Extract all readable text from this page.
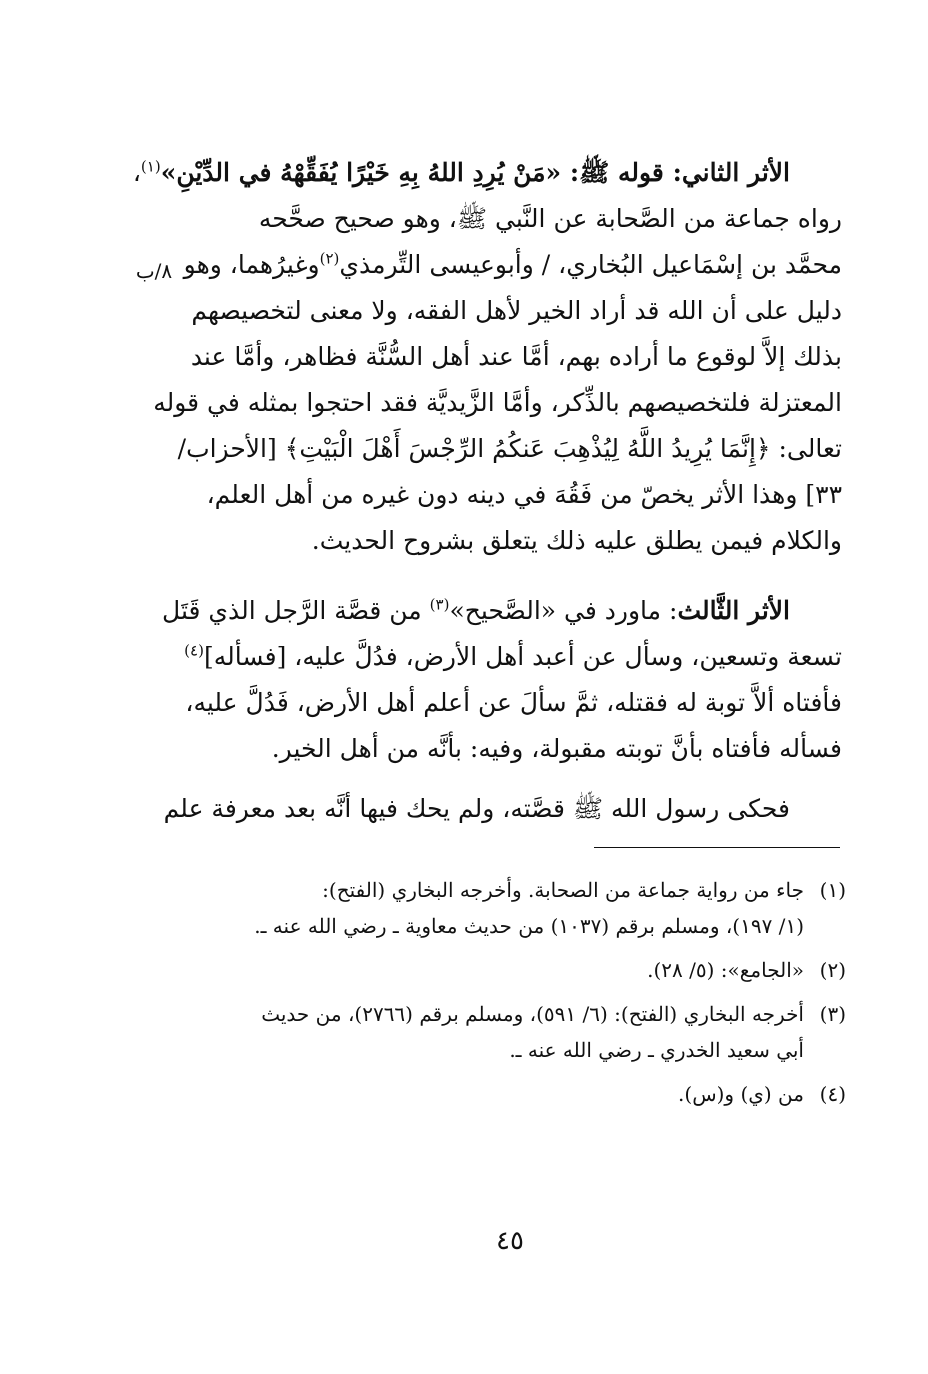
الأثر الثاني: قوله ﷺ: «مَنْ يُرِدِ اللهُ بِهِ خَيْرًا يُفَقِّهْهُ في الدِّيْنِ»$^{(١)}$،
رواه جماعة من الصَّحابة عن النَّبي ﷺ، وهو صحيح صحَّحه
محمَّد بن إسْمَاعيل البُخاري، / وأبوعيسى التِّرمذي$^{(٢)}$وغيرُهما، وهو
دليل على أن الله قد أراد الخير لأهل الفقه، ولا معنى لتخصيصهم
بذلك إلاَّ لوقوع ما أراده بهم، أمَّا عند أهل السُّنَّة فظاهر، وأمَّا عند
المعتزلة فلتخصيصهم بالذِّكر، وأمَّا الزَّيديَّة فقد احتجوا بمثله في قوله
تعالى: ﴿إِنَّمَا يُرِيدُ اللَّهُ لِيُذْهِبَ عَنكُمُ الرِّجْسَ أَهْلَ الْبَيْتِ﴾ [الأحزاب/
٣٣] وهذا الأثر يخصّ من فَقُهَ في دينه دون غيره من أهل العلم،
والكلام فيمن يطلق عليه ذلك يتعلق بشروح الحديث.
٨/ب
الأثر الثَّالث: ماورد في «الصَّحيح»$^{(٣)}$ من قصَّة الرَّجل الذي قَتَل
تسعة وتسعين، وسأل عن أعبد أهل الأرض، فدُلَّ عليه، [فسأله]$^{(٤)}$
فأفتاه ألاَّ توبة له فقتله، ثمَّ سألَ عن أعلم أهل الأرض، فَدُلَّ عليه،
فسأله فأفتاه بأنَّ توبته مقبولة، وفيه: بأنَّه من أهل الخير.
فحكى رسول الله ﷺ قصَّته، ولم يحك فيها أنَّه بعد معرفة علم
(١)
جاء من رواية جماعة من الصحابة. وأخرجه البخاري (الفتح):
(١/ ١٩٧)، ومسلم برقم (١٠٣٧) من حديث معاوية ـ رضي الله عنه ـ.
(٢)
«الجامع»: (٥/ ٢٨).
(٣)
أخرجه البخاري (الفتح): (٦/ ٥٩١)، ومسلم برقم (٢٧٦٦)، من حديث
أبي سعيد الخدري ـ رضي الله عنه ـ.
(٤)
من (ي) و(س).
٤٥
